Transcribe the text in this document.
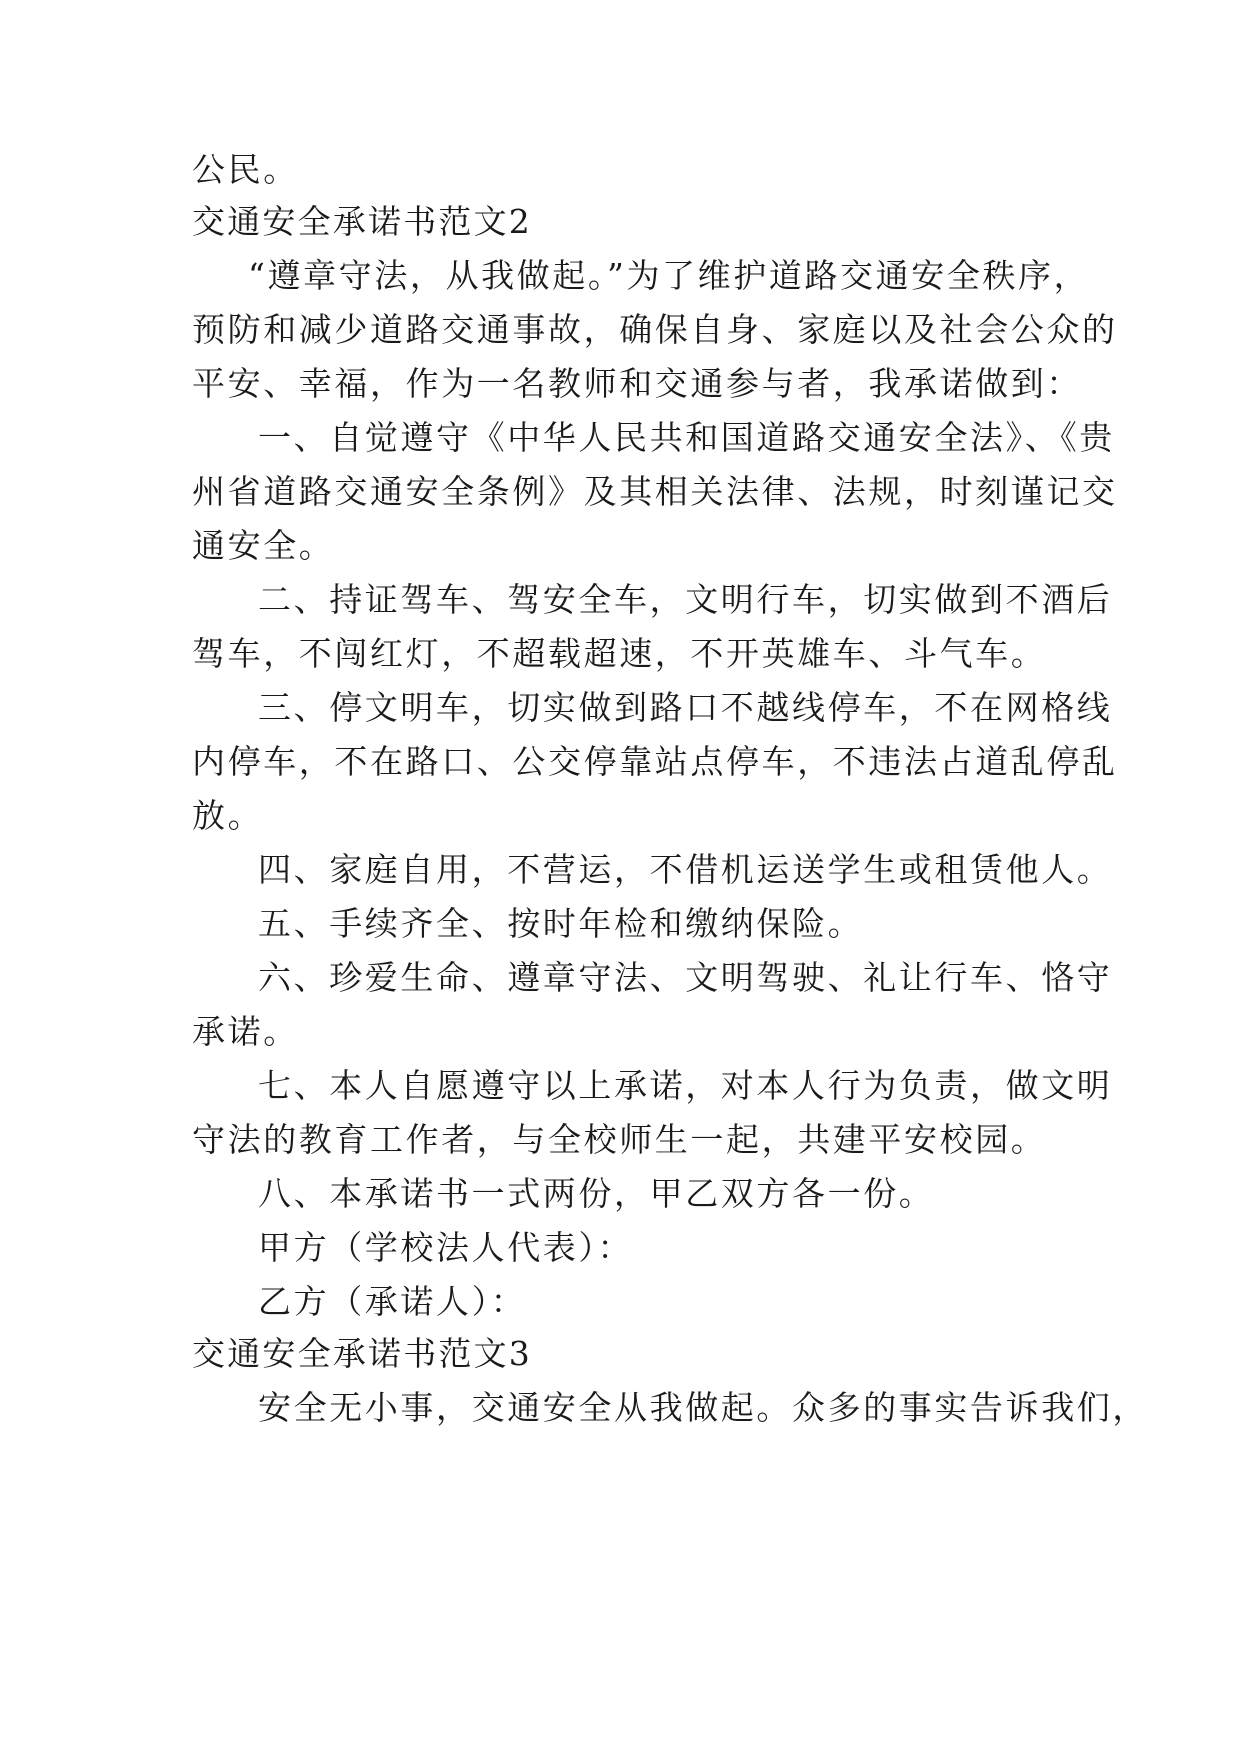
公民。
交通安全承诺书范文2
“遵章守法，从我做起。”为了维护道路交通安全秩序，
预防和减少道路交通事故，确保自身、家庭以及社会公众的
平安、幸福，作为一名教师和交通参与者，我承诺做到：
一、自觉遵守《中华人民共和国道路交通安全法》、《贵
州省道路交通安全条例》及其相关法律、法规，时刻谨记交
通安全。
二、持证驾车、驾安全车，文明行车，切实做到不酒后
驾车，不闯红灯，不超载超速，不开英雄车、斗气车。
三、停文明车，切实做到路口不越线停车，不在网格线
内停车，不在路口、公交停靠站点停车，不违法占道乱停乱
放。
四、家庭自用，不营运，不借机运送学生或租赁他人。
五、手续齐全、按时年检和缴纳保险。
六、珍爱生命、遵章守法、文明驾驶、礼让行车、恪守
承诺。
七、本人自愿遵守以上承诺，对本人行为负责，做文明
守法的教育工作者，与全校师生一起，共建平安校园。
八、本承诺书一式两份，甲乙双方各一份。
甲方（学校法人代表）：
乙方（承诺人）：
交通安全承诺书范文3
安全无小事，交通安全从我做起。众多的事实告诉我们，
